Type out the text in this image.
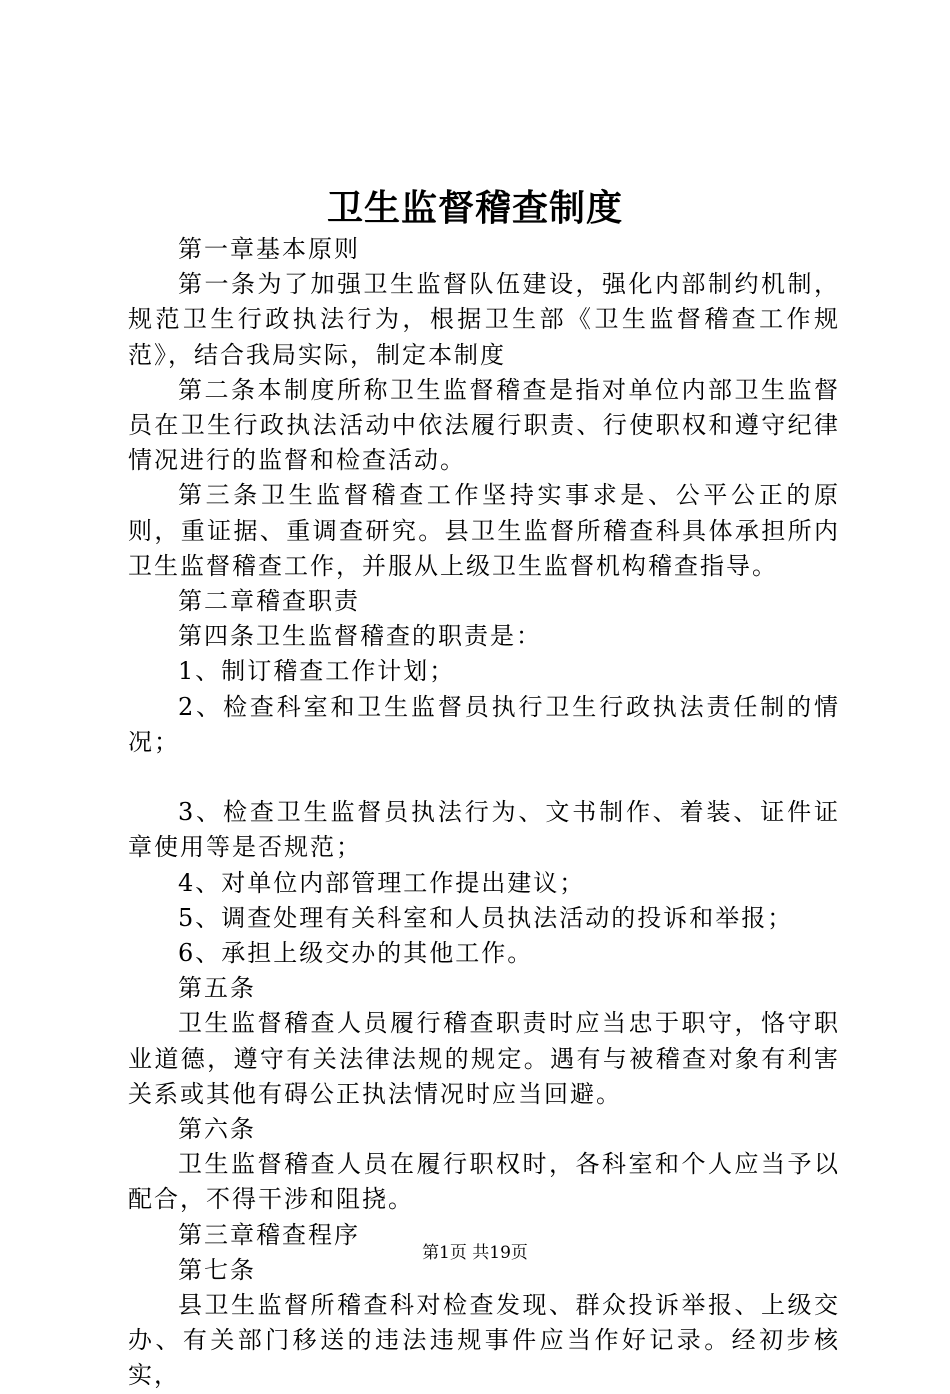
卫生监督稽查制度

第一章基本原则

第一条为了加强卫生监督队伍建设，强化内部制约机制，规范卫生行政执法行为，根据卫生部《卫生监督稽查工作规范》，结合我局实际，制定本制度

第二条本制度所称卫生监督稽查是指对单位内部卫生监督员在卫生行政执法活动中依法履行职责、行使职权和遵守纪律情况进行的监督和检查活动。

第三条卫生监督稽查工作坚持实事求是、公平公正的原则，重证据、重调查研究。县卫生监督所稽查科具体承担所内卫生监督稽查工作，并服从上级卫生监督机构稽查指导。

第二章稽查职责

第四条卫生监督稽查的职责是：

1、制订稽查工作计划；

2、检查科室和卫生监督员执行卫生行政执法责任制的情况；

3、检查卫生监督员执法行为、文书制作、着装、证件证章使用等是否规范；

4、对单位内部管理工作提出建议；

5、调查处理有关科室和人员执法活动的投诉和举报；

6、承担上级交办的其他工作。

第五条

卫生监督稽查人员履行稽查职责时应当忠于职守，恪守职业道德，遵守有关法律法规的规定。遇有与被稽查对象有利害关系或其他有碍公正执法情况时应当回避。

第六条

卫生监督稽查人员在履行职权时，各科室和个人应当予以配合，不得干涉和阻挠。

第三章稽查程序

第七条

县卫生监督所稽查科对检查发现、群众投诉举报、上级交办、有关部门移送的违法违规事件应当作好记录。经初步核实，

第1页 共19页
